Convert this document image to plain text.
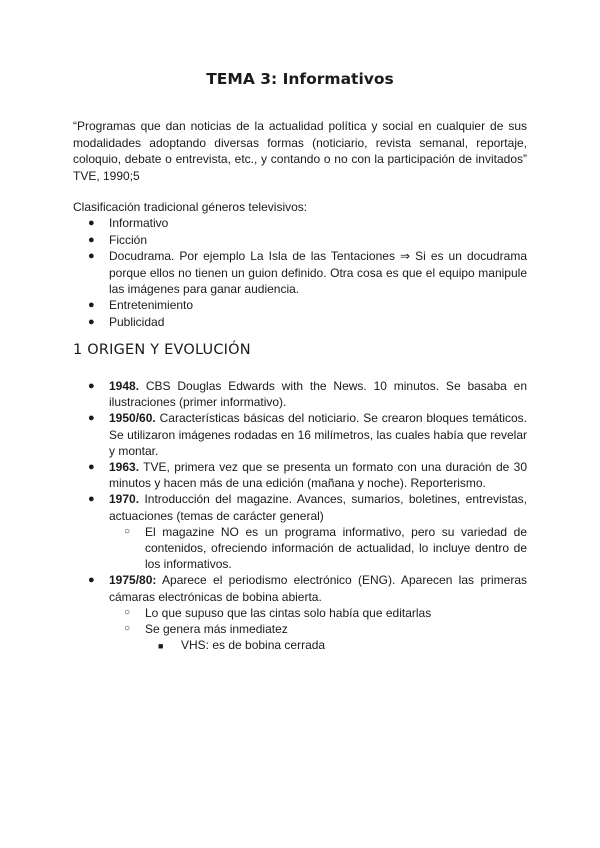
TEMA 3: Informativos

“Programas que dan noticias de la actualidad política y social en cualquier de sus modalidades adoptando diversas formas (noticiario, revista semanal, reportaje, coloquio, debate o entrevista, etc., y contando o no con la participación de invitados” TVE, 1990;5

Clasificación tradicional géneros televisivos:

● Informativo
● Ficción
● Docudrama. Por ejemplo La Isla de las Tentaciones ⇒ Si es un docudrama porque ellos no tienen un guion definido. Otra cosa es que el equipo manipule las imágenes para ganar audiencia.
● Entretenimiento
● Publicidad
1 ORIGEN Y EVOLUCIÓN
● 1948. CBS Douglas Edwards with the News. 10 minutos. Se basaba en ilustraciones (primer informativo).
● 1950/60. Características básicas del noticiario. Se crearon bloques temáticos. Se utilizaron imágenes rodadas en 16 milímetros, las cuales había que revelar y montar.
● 1963. TVE, primera vez que se presenta un formato con una duración de 30 minutos y hacen más de una edición (mañana y noche). Reporterismo.
● 1970. Introducción del magazine. Avances, sumarios, boletines, entrevistas, actuaciones (temas de carácter general)
○ El magazine NO es un programa informativo, pero su variedad de contenidos, ofreciendo información de actualidad, lo incluye dentro de los informativos.
● 1975/80: Aparece el periodismo electrónico (ENG). Aparecen las primeras cámaras electrónicas de bobina abierta.
○ Lo que supuso que las cintas solo había que editarlas
○ Se genera más inmediatez
■ VHS: es de bobina cerrada
